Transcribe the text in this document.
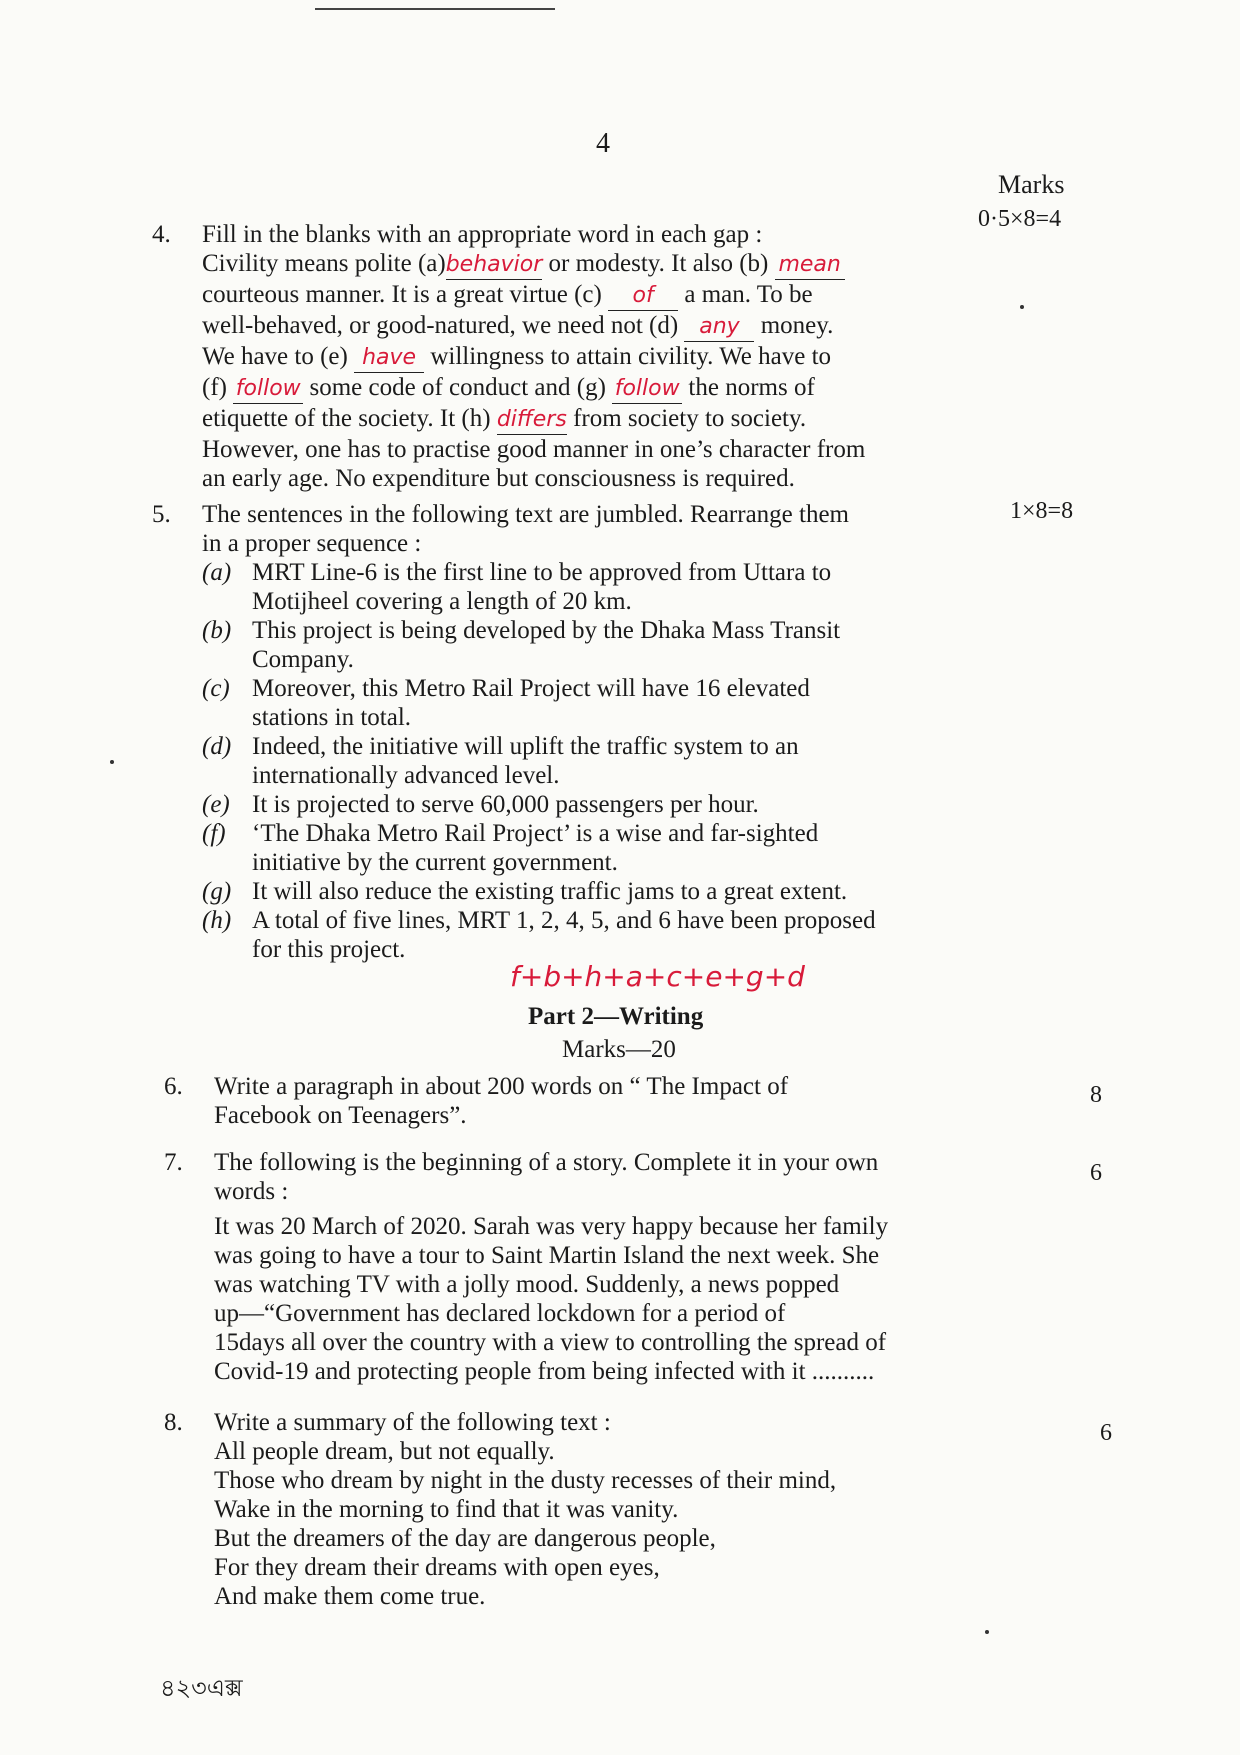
4
Marks
0·5×8=4
1×8=8
8
6
6
4. Fill in the blanks with an appropriate word in each gap :
Civility means polite (a)behavior or modesty. It also (b) mean
courteous manner. It is a great virtue (c) of a man. To be
well-behaved, or good-natured, we need not (d) any money.
We have to (e) have willingness to attain civility. We have to
(f) follow some code of conduct and (g) follow the norms of
etiquette of the society. It (h) differs from society to society.
However, one has to practise good manner in one’s character from
an early age. No expenditure but consciousness is required.
5. The sentences in the following text are jumbled. Rearrange them
in a proper sequence :
(a) MRT Line-6 is the first line to be approved from Uttara to Motijheel covering a length of 20 km.
(b) This project is being developed by the Dhaka Mass Transit Company.
(c) Moreover, this Metro Rail Project will have 16 elevated stations in total.
(d) Indeed, the initiative will uplift the traffic system to an internationally advanced level.
(e) It is projected to serve 60,000 passengers per hour.
(f) ‘The Dhaka Metro Rail Project’ is a wise and far-sighted initiative by the current government.
(g) It will also reduce the existing traffic jams to a great extent.
(h) A total of five lines, MRT 1, 2, 4, 5, and 6 have been proposed for this project.
f+b+h+a+c+e+g+d
Part 2—Writing
Marks—20
6. Write a paragraph in about 200 words on “ The Impact of
Facebook on Teenagers”.
7. The following is the beginning of a story. Complete it in your own
words :
It was 20 March of 2020. Sarah was very happy because her family
was going to have a tour to Saint Martin Island the next week. She
was watching TV with a jolly mood. Suddenly, a news popped
up—“Government has declared lockdown for a period of
15days all over the country with a view to controlling the spread of
Covid-19 and protecting people from being infected with it ..........
8. Write a summary of the following text :
All people dream, but not equally.
Those who dream by night in the dusty recesses of their mind,
Wake in the morning to find that it was vanity.
But the dreamers of the day are dangerous people,
For they dream their dreams with open eyes,
And make them come true.
৪২৩এক্স
